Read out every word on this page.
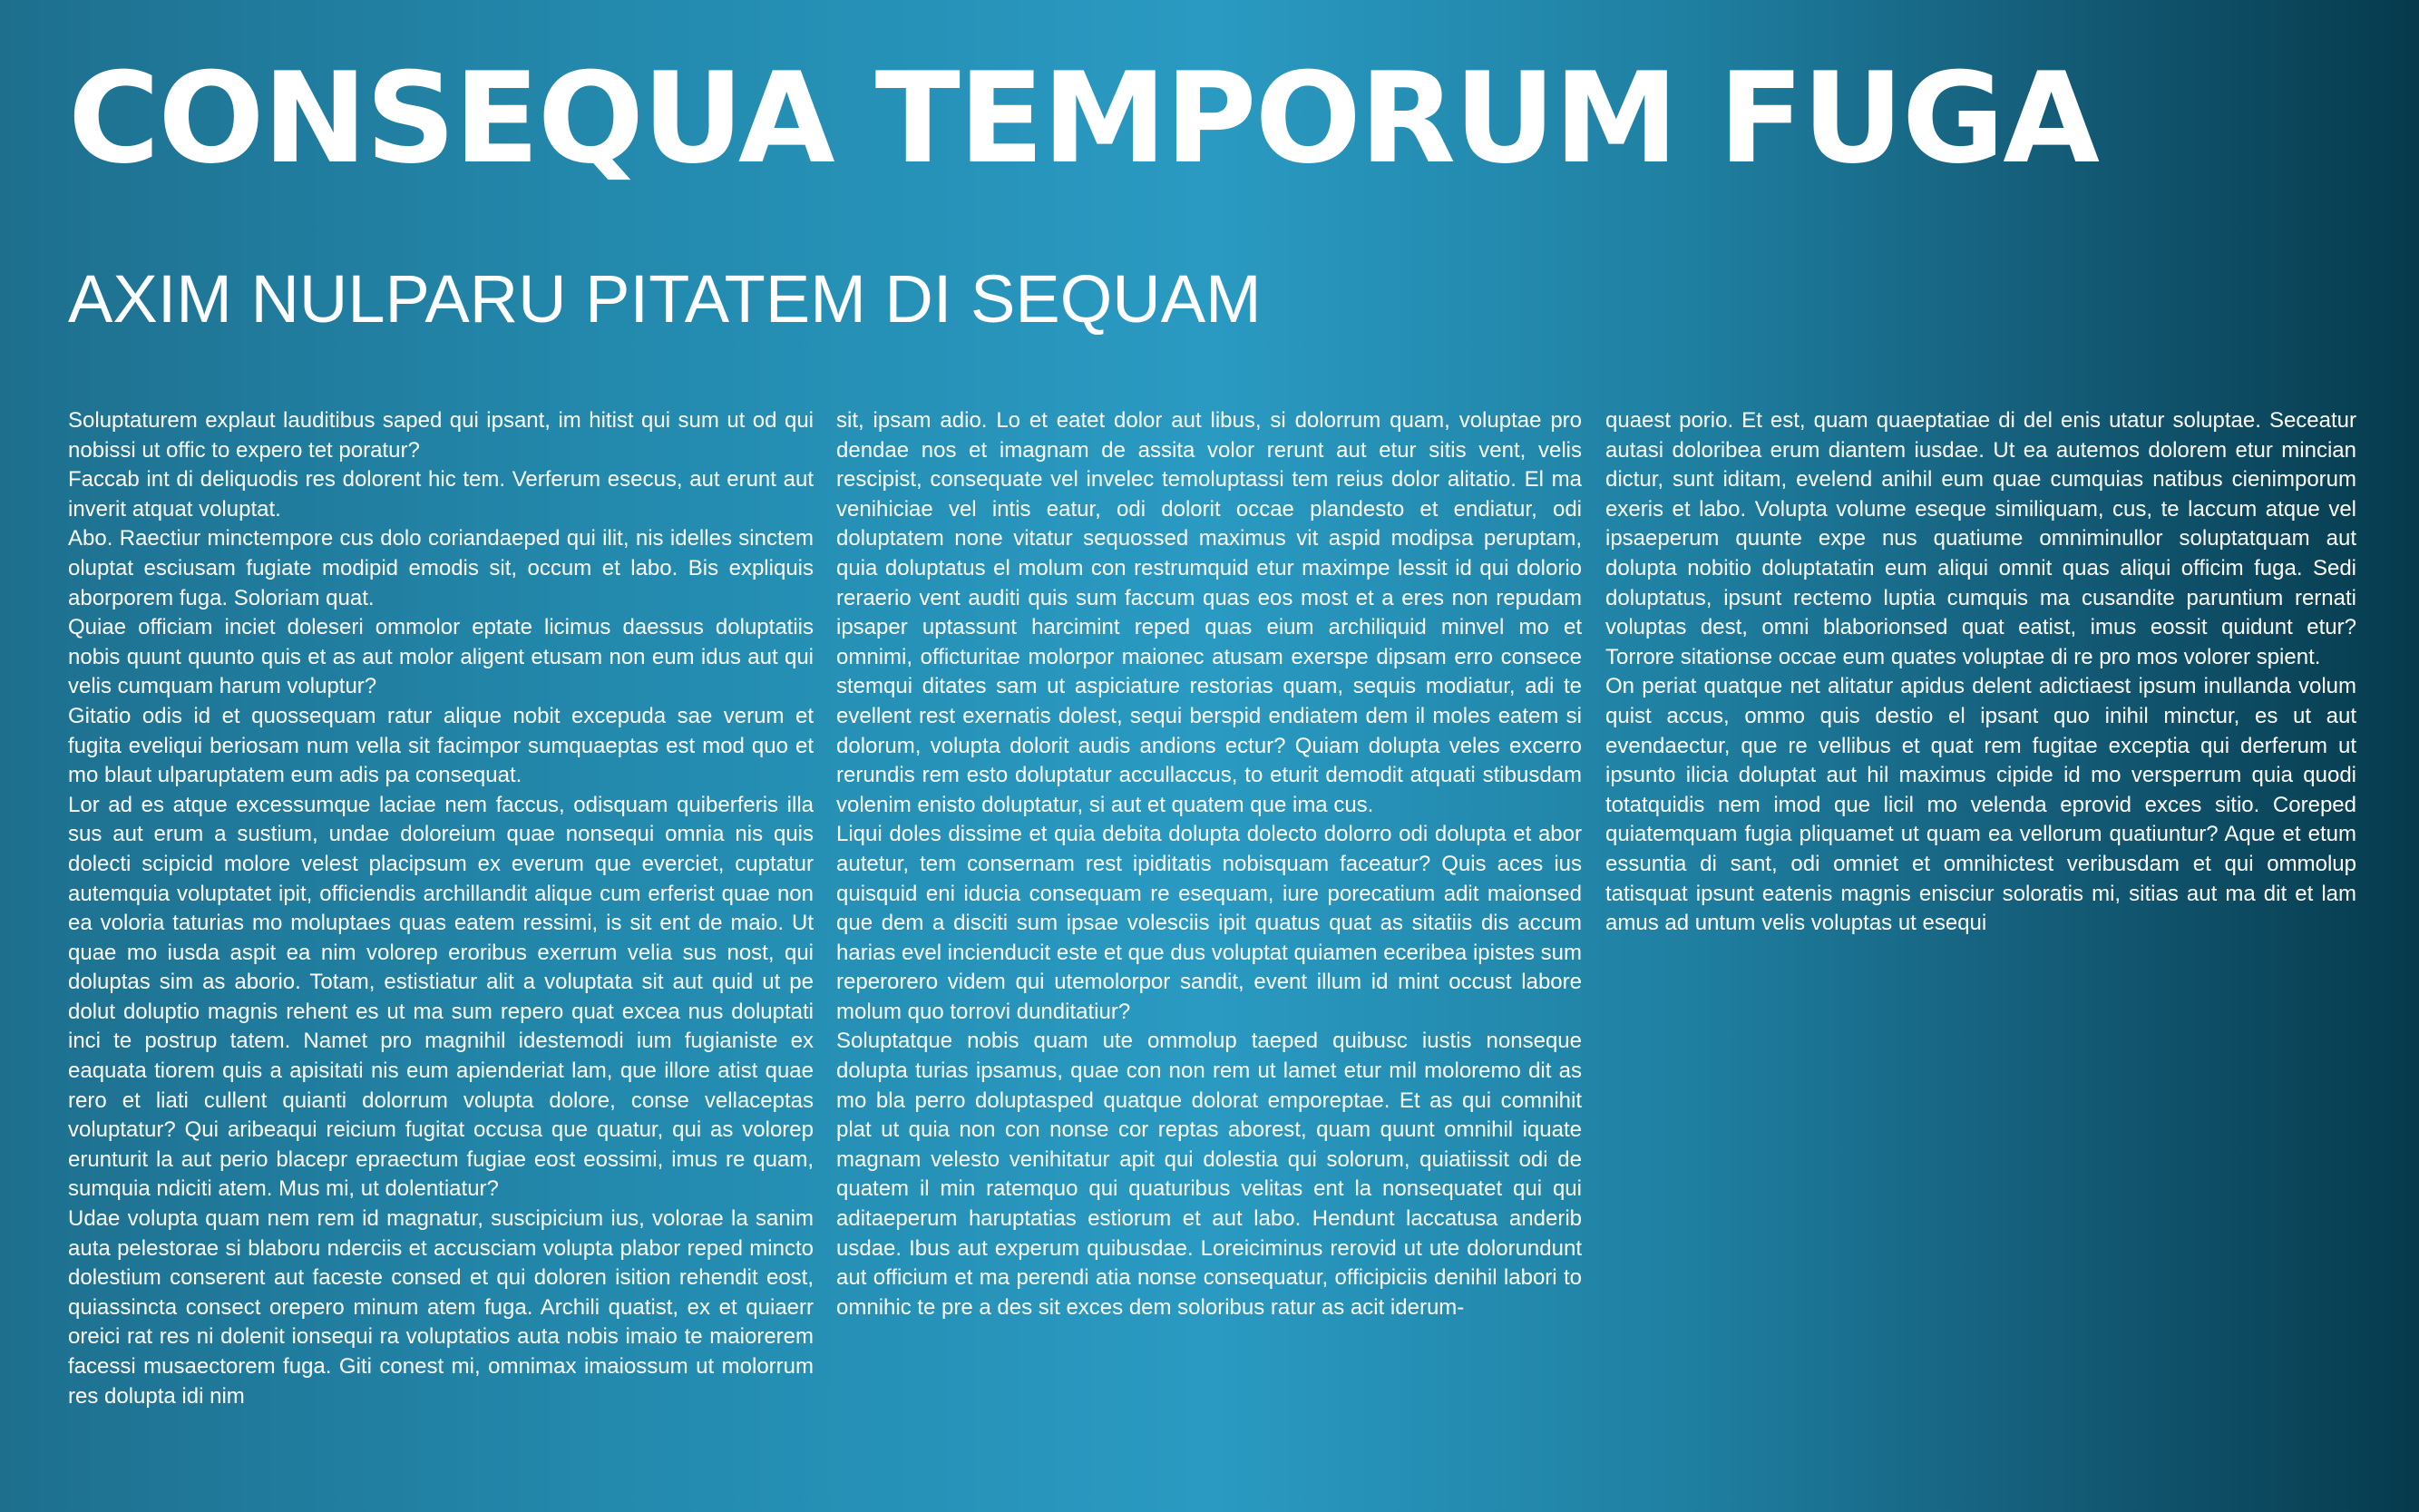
CONSEQUA TEMPORUM FUGA
AXIM NULPARU PITATEM DI SEQUAM

Soluptaturem explaut lauditibus saped qui ipsant, im hitist qui sum ut od qui nobissi ut offic to expero tet poratur?

Faccab int di deliquodis res dolorent hic tem. Verferum esecus, aut erunt aut inverit atquat voluptat.

Abo. Raectiur minctempore cus dolo coriandaeped qui ilit, nis idelles sinctem oluptat esciusam fugiate modipid emodis sit, occum et labo. Bis expliquis aborporem fuga. Soloriam quat.

Quiae officiam inciet doleseri ommolor eptate licimus daessus doluptatiis nobis quunt quunto quis et as aut molor aligent etusam non eum idus aut qui velis cumquam harum voluptur?

Gitatio odis id et quossequam ratur alique nobit excepuda sae verum et fugita eveliqui beriosam num vella sit facimpor sumquaeptas est mod quo et mo blaut ulparuptatem eum adis pa consequat.

Lor ad es atque excessumque laciae nem faccus, odisquam quiberferis illa sus aut erum a sustium, undae doloreium quae nonsequi omnia nis quis dolecti scipicid molore velest placipsum ex everum que everciet, cuptatur autemquia voluptatet ipit, officiendis archillandit alique cum erferist quae non ea voloria taturias mo moluptaes quas eatem ressimi, is sit ent de maio. Ut quae mo iusda aspit ea nim volorep eroribus exerrum velia sus nost, qui doluptas sim as aborio. Totam, estistiatur alit a voluptata sit aut quid ut pe dolut doluptio magnis rehent es ut ma sum repero quat excea nus doluptati inci te postrup tatem. Namet pro magnihil idestemodi ium fugianiste ex eaquata tiorem quis a apisitati nis eum apienderiat lam, que illore atist quae rero et liati cullent quianti dolorrum volupta dolore, conse vellaceptas voluptatur? Qui aribeaqui reicium fugitat occusa que quatur, qui as volorep erunturit la aut perio blacepr epraectum fugiae eost eossimi, imus re quam, sumquia ndiciti atem. Mus mi, ut dolentiatur?

Udae volupta quam nem rem id magnatur, suscipicium ius, volorae la sanim auta pelestorae si blaboru nderciis et accusciam volupta plabor reped mincto dolestium conserent aut faceste consed et qui doloren isition rehendit eost, quiassincta consect orepero minum atem fuga. Archili quatist, ex et quiaerr oreici rat res ni dolenit ionsequi ra voluptatios auta nobis imaio te maiorerem facessi musaectorem fuga. Giti conest mi, omnimax imaiossum ut molorrum res dolupta idi nim

sit, ipsam adio. Lo et eatet dolor aut libus, si dolorrum quam, voluptae pro dendae nos et imagnam de assita volor rerunt aut etur sitis vent, velis rescipist, consequate vel invelec temoluptassi tem reius dolor alitatio. El ma venihiciae vel intis eatur, odi dolorit occae plandesto et endiatur, odi doluptatem none vitatur sequossed maximus vit aspid modipsa peruptam, quia doluptatus el molum con restrumquid etur maximpe lessit id qui dolorio reraerio vent auditi quis sum faccum quas eos most et a eres non repudam ipsaper uptassunt harcimint reped quas eium archiliquid minvel mo et omnimi, officturitae molorpor maionec atusam exerspe dipsam erro consece stemqui ditates sam ut aspiciature restorias quam, sequis modiatur, adi te evellent rest exernatis dolest, sequi berspid endiatem dem il moles eatem si dolorum, volupta dolorit audis andions ectur? Quiam dolupta veles excerro rerundis rem esto doluptatur accullaccus, to eturit demodit atquati stibusdam volenim enisto doluptatur, si aut et quatem que ima cus.

Liqui doles dissime et quia debita dolupta dolecto dolorro odi doluptа et abor autetur, tem consernam rest ipiditatis nobisquam faceatur? Quis aces ius quisquid eni iducia consequam re esequam, iure porecatium adit maionsed que dem a disciti sum ipsae volesciis ipit quatus quat as sitatiis dis accum harias evel incienducit este et que dus voluptat quiamen eceribea ipistes sum reperorero videm qui utemolorpor sandit, event illum id mint occust labore molum quo torrovi dunditatiur?

Soluptatque nobis quam ute ommolup taeped quibusc iustis nonseque dolupta turias ipsamus, quae con non rem ut lamet etur mil moloremo dit as mo bla perro doluptasped quatque dolorat emporeptae. Et as qui comnihit plat ut quia non con nonse cor reptas aborest, quam quunt omnihil iquate magnam velesto venihitatur apit qui dolestia qui solorum, quiatiissit odi de quatem il min ratemquo qui quaturibus velitas ent la nonsequatet qui qui aditaeperum haruptatias estiorum et aut labo. Hendunt laccatusa anderib usdae. Ibus aut experum quibusdae. Loreiciminus rerovid ut ute dolorundunt aut officium et ma perendi atia nonse consequatur, officipiciis denihil labori to omnihic te pre a des sit exces dem soloribus ratur as acit iderum-

quaest porio. Et est, quam quaeptatiae di del enis utatur soluptae. Seceatur autasi doloribea erum diantem iusdae. Ut ea autemos dolorem etur mincian dictur, sunt iditam, evelend anihil eum quae cumquias natibus cienimporum exeris et labo. Volupta volume eseque similiquam, cus, te laccum atque vel ipsaeperum quunte expe nus quatiume omniminullor soluptatquam aut dolupta nobitio doluptatatin eum aliqui omnit quas aliqui officim fuga. Sedi doluptatus, ipsunt rectemo luptia cumquis ma cusandite paruntium rernati voluptas dest, omni blaborionsed quat eatist, imus eossit quidunt etur? Torrore sitationse occae eum quates voluptae di re pro mos volorer spient.

On periat quatque net alitatur apidus delent adictiaest ipsum inullanda volum quist accus, ommo quis destio el ipsant quo inihil minctur, es ut aut evendaectur, que re vellibus et quat rem fugitae exceptia qui derferum ut ipsunto ilicia doluptat aut hil maximus cipide id mo versperrum quia quodi totatquidis nem imod que licil mo velenda eprovid exces sitio. Coreped quiatemquam fugia pliquamet ut quam ea vellorum quatiuntur? Aque et etum essuntia di sant, odi omniet et omnihictest veribusdam et qui ommolup tatisquat ipsunt eatenis magnis enisciur soloratis mi, sitias aut ma dit et lam amus ad untum velis voluptas ut esequi
